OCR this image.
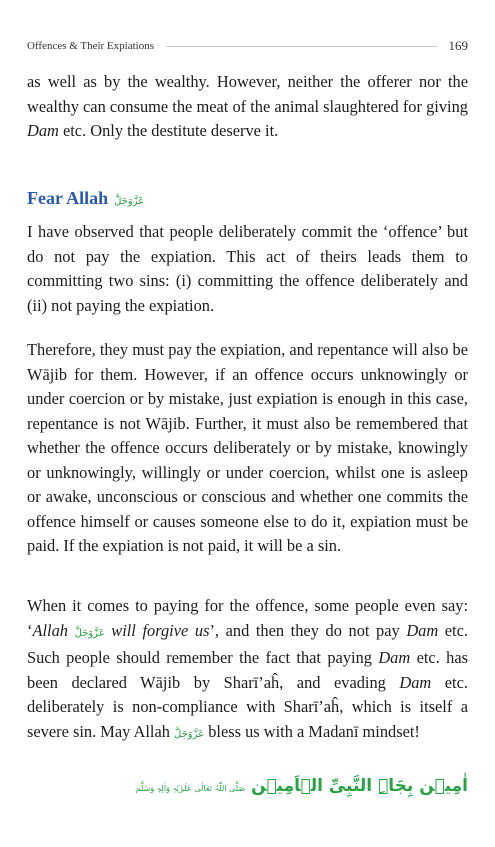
Offences & Their Expiations	169
as well as by the wealthy. However, neither the offerer nor the wealthy can consume the meat of the animal slaughtered for giving Dam etc. Only the destitute deserve it.
Fear Allah عَزَّوَجَلَّ
I have observed that people deliberately commit the ‘offence’ but do not pay the expiation. This act of theirs leads them to committing two sins: (i) committing the offence deliberately and (ii) not paying the expiation.
Therefore, they must pay the expiation, and repentance will also be Wājib for them. However, if an offence occurs unknowingly or under coercion or by mistake, just expiation is enough in this case, repentance is not Wājib. Further, it must also be remembered that whether the offence occurs deliberately or by mistake, knowingly or unknowingly, willingly or under coercion, whilst one is asleep or awake, unconscious or conscious and whether one commits the offence himself or causes someone else to do it, expiation must be paid. If the expiation is not paid, it will be a sin.
When it comes to paying for the offence, some people even say: ‘Allah عَزَّوَجَلَّ will forgive us’, and then they do not pay Dam etc. Such people should remember the fact that paying Dam etc. has been declared Wājib by Sharī’aĥ, and evading Dam etc. deliberately is non-compliance with Sharī’aĥ, which is itself a severe sin. May Allah عَزَّوَجَلَّ bless us with a Madanī mindset!
اٰمِيۡن بِجَاہِ النَّبِیِّ الۡاَمِيۡن
صَلَّی اللّٰہُ تَعَالٰی عَلَیۡہِ وَاٰلِہٖ وَسَلَّم
